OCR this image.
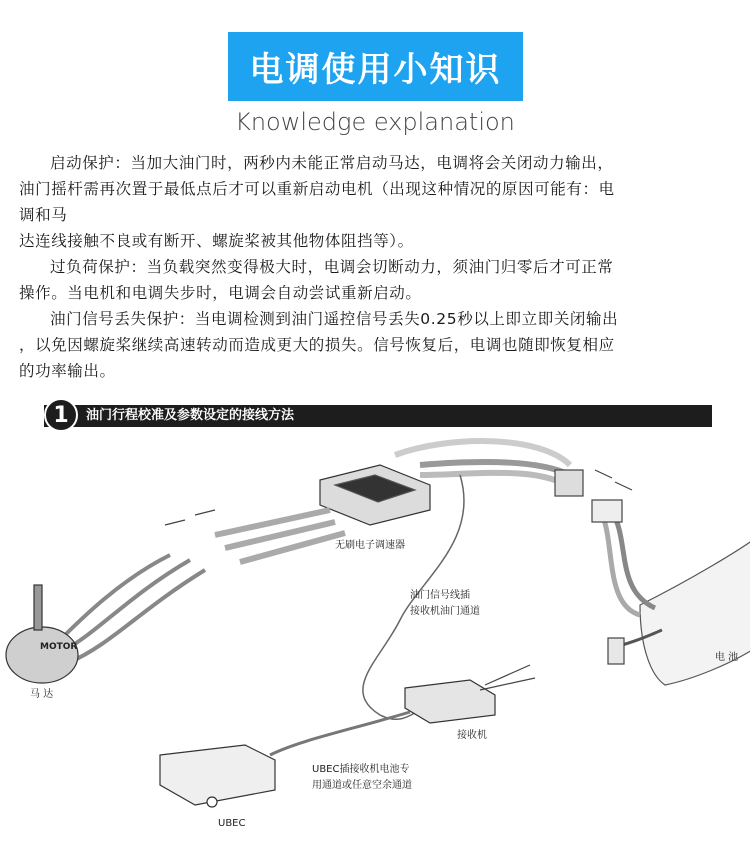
电调使用小知识
Knowledge explanation

启动保护：当加大油门时，两秒内未能正常启动马达，电调将会关闭动力输出，

油门摇杆需再次置于最低点后才可以重新启动电机（出现这种情况的原因可能有：电

调和马

达连线接触不良或有断开、螺旋桨被其他物体阻挡等）。

过负荷保护：当负载突然变得极大时，电调会切断动力，须油门归零后才可正常

操作。当电机和电调失步时，电调会自动尝试重新启动。

油门信号丢失保护：当电调检测到油门遥控信号丢失0.25秒以上即立即关闭输出

，以免因螺旋桨继续高速转动而造成更大的损失。信号恢复后，电调也随即恢复相应

的功率输出。

1	油门行程校准及参数设定的接线方法
无刷电子调速器
油门信号线插
接收机油门通道
接收机
电 池
马 达
MOTOR
UBEC插接收机电池专
用通道或任意空余通道
UBEC
